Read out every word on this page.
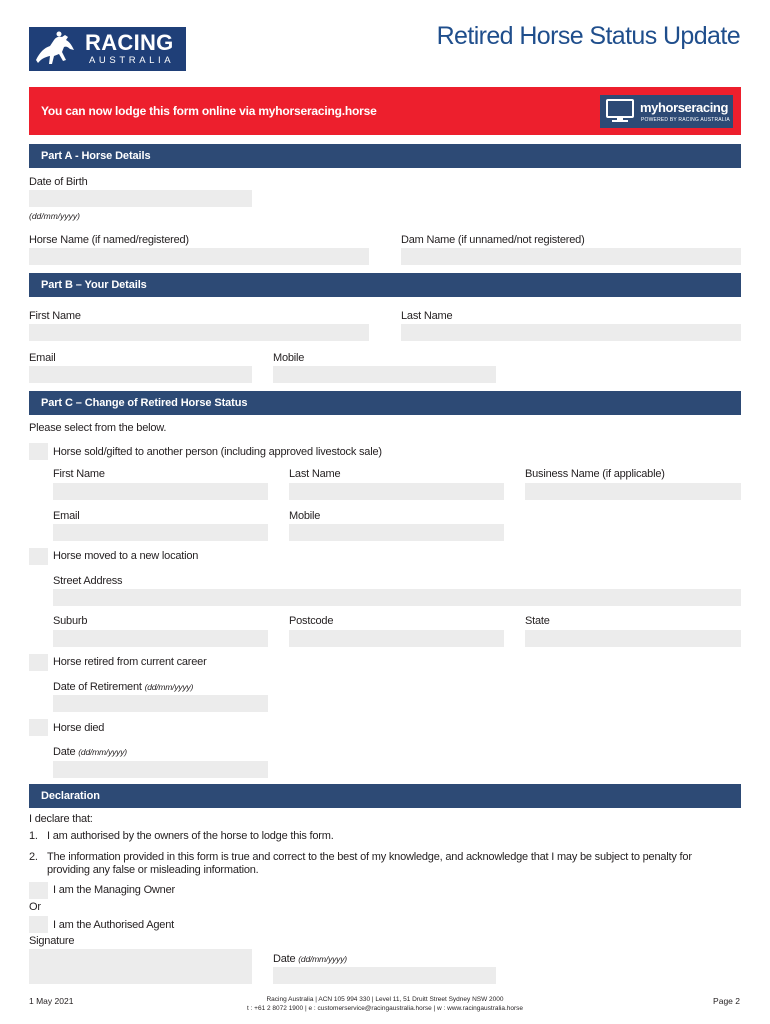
RACING
AUSTRALIA
Retired Horse Status Update
You can now lodge this form online via myhorseracing.horse	myhorseracing
POWERED BY RACING AUSTRALIA
Part A - Horse Details
Date of Birth
(dd/mm/yyyy)
Horse Name (if named/registered)	Dam Name (if unnamed/not registered)
Part B – Your Details
First Name	Last Name
Email	Mobile
Part C – Change of Retired Horse Status
Please select from the below.
Horse sold/gifted to another person (including approved livestock sale)
First Name	Last Name	Business Name (if applicable)
Email	Mobile
Horse moved to a new location
Street Address
Suburb	Postcode	State
Horse retired from current career
Date of Retirement (dd/mm/yyyy)
Horse died
Date (dd/mm/yyyy)
Declaration
I declare that:
1. I am authorised by the owners of the horse to lodge this form.
2. The information provided in this form is true and correct to the best of my knowledge, and acknowledge that I may be subject to penalty for
providing any false or misleading information.
I am the Managing Owner
Or
I am the Authorised Agent
Signature
Date (dd/mm/yyyy)
1 May 2021	Racing Australia | ACN 105 994 330 | Level 11, 51 Druitt Street Sydney NSW 2000
t : +61 2 8072 1900 | e : customerservice@racingaustralia.horse | w : www.racingaustralia.horse
Page 2
